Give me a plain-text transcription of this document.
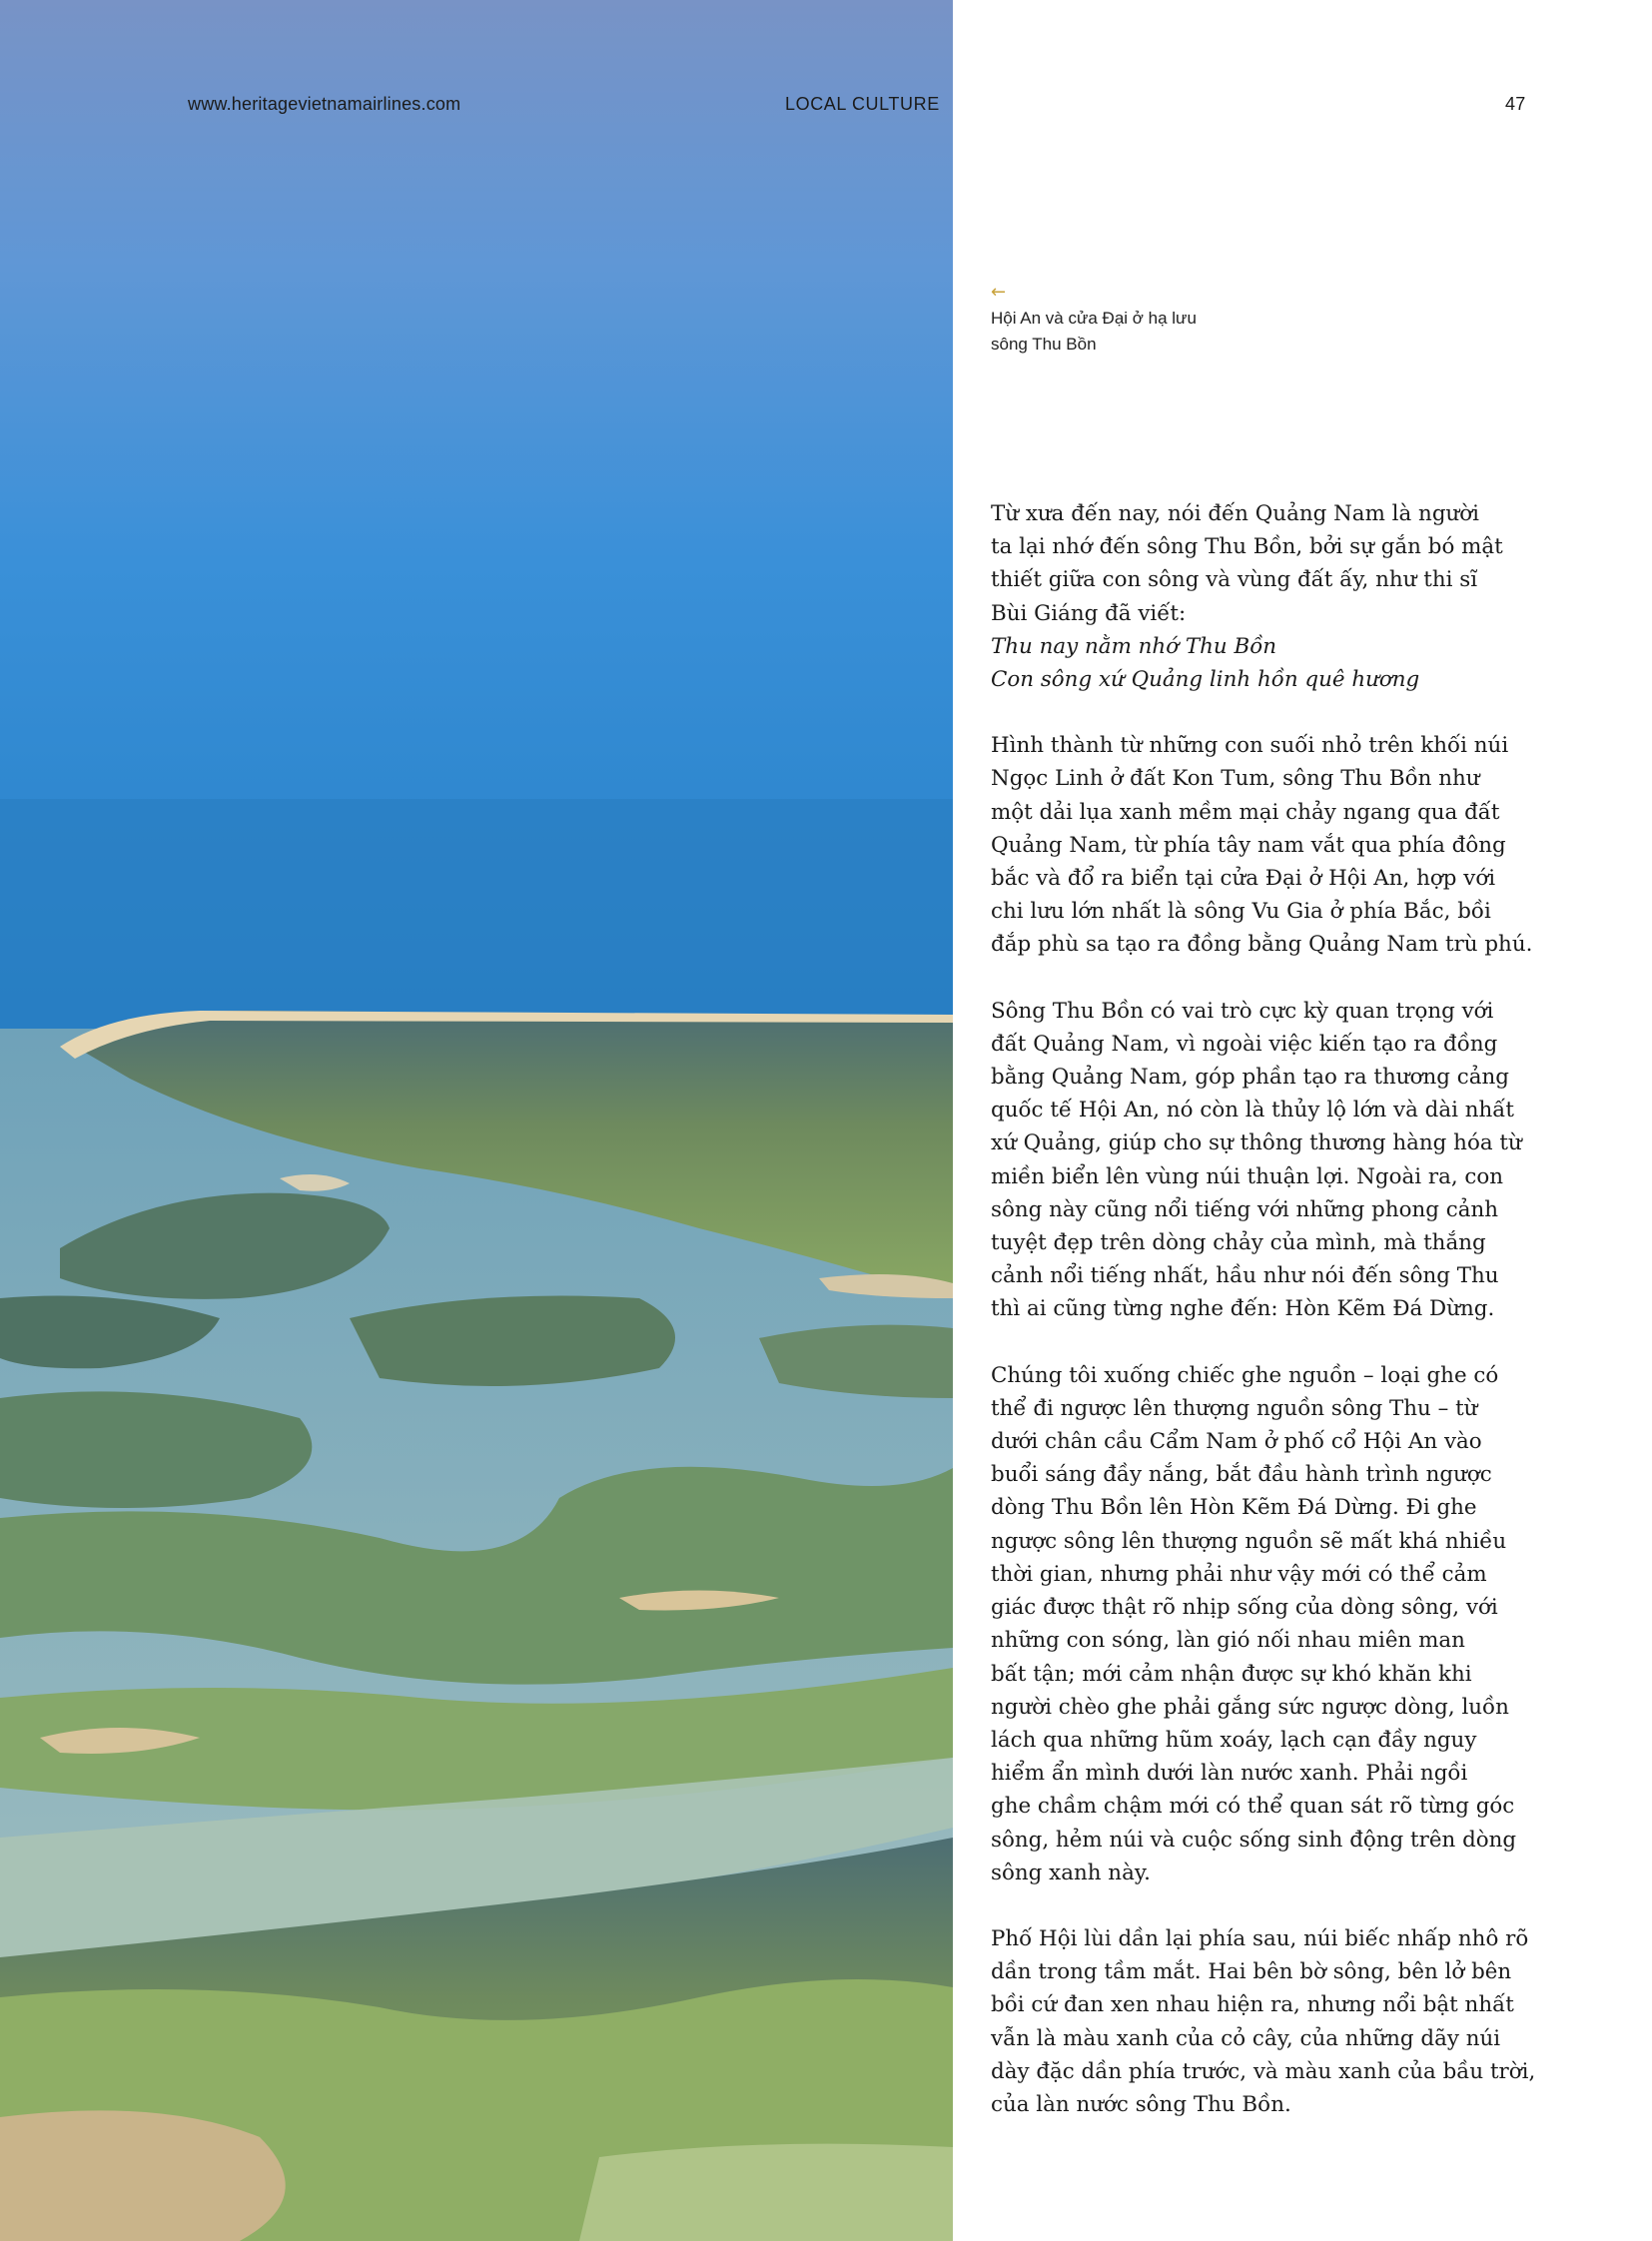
www.heritagevietnamairlines.com	LOCAL CULTURE	47
←
Hội An và cửa Đại ở hạ lưu
sông Thu Bồn

Từ xưa đến nay, nói đến Quảng Nam là người
ta lại nhớ đến sông Thu Bồn, bởi sự gắn bó mật
thiết giữa con sông và vùng đất ấy, như thi sĩ
Bùi Giáng đã viết:
Thu nay nằm nhớ Thu Bồn
Con sông xứ Quảng linh hồn quê hương

Hình thành từ những con suối nhỏ trên khối núi
Ngọc Linh ở đất Kon Tum, sông Thu Bồn như
một dải lụa xanh mềm mại chảy ngang qua đất
Quảng Nam, từ phía tây nam vắt qua phía đông
bắc và đổ ra biển tại cửa Đại ở Hội An, hợp với
chi lưu lớn nhất là sông Vu Gia ở phía Bắc, bồi
đắp phù sa tạo ra đồng bằng Quảng Nam trù phú.

Sông Thu Bồn có vai trò cực kỳ quan trọng với
đất Quảng Nam, vì ngoài việc kiến tạo ra đồng
bằng Quảng Nam, góp phần tạo ra thương cảng
quốc tế Hội An, nó còn là thủy lộ lớn và dài nhất
xứ Quảng, giúp cho sự thông thương hàng hóa từ
miền biển lên vùng núi thuận lợi. Ngoài ra, con
sông này cũng nổi tiếng với những phong cảnh
tuyệt đẹp trên dòng chảy của mình, mà thắng
cảnh nổi tiếng nhất, hầu như nói đến sông Thu
thì ai cũng từng nghe đến: Hòn Kẽm Đá Dừng.

Chúng tôi xuống chiếc ghe nguồn – loại ghe có
thể đi ngược lên thượng nguồn sông Thu – từ
dưới chân cầu Cẩm Nam ở phố cổ Hội An vào
buổi sáng đầy nắng, bắt đầu hành trình ngược
dòng Thu Bồn lên Hòn Kẽm Đá Dừng. Đi ghe
ngược sông lên thượng nguồn sẽ mất khá nhiều
thời gian, nhưng phải như vậy mới có thể cảm
giác được thật rõ nhịp sống của dòng sông, với
những con sóng, làn gió nối nhau miên man
bất tận; mới cảm nhận được sự khó khăn khi
người chèo ghe phải gắng sức ngược dòng, luồn
lách qua những hũm xoáy, lạch cạn đầy nguy
hiểm ẩn mình dưới làn nước xanh. Phải ngồi
ghe chầm chậm mới có thể quan sát rõ từng góc
sông, hẻm núi và cuộc sống sinh động trên dòng
sông xanh này.

Phố Hội lùi dần lại phía sau, núi biếc nhấp nhô rõ
dần trong tầm mắt. Hai bên bờ sông, bên lở bên
bồi cứ đan xen nhau hiện ra, nhưng nổi bật nhất
vẫn là màu xanh của cỏ cây, của những dãy núi
dày đặc dần phía trước, và màu xanh của bầu trời,
của làn nước sông Thu Bồn.
